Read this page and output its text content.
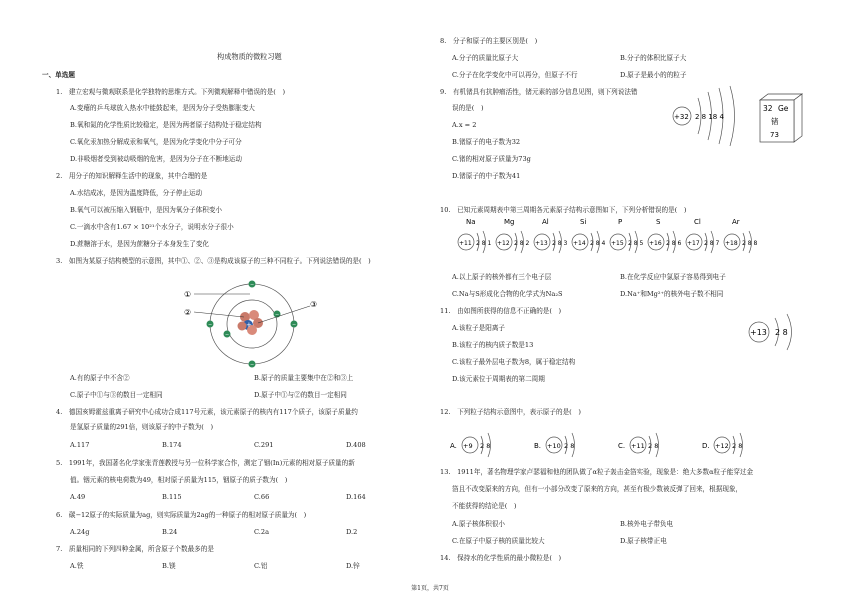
构成物质的微粒习题
一、单选题
1.　建立宏观与微观联系是化学独特的思维方式。下列微观解释中错误的是(　)
A.变瘪的乒乓球放入热水中能鼓起来，是因为分子受热膨胀变大
B.氧和氮的化学性质比较稳定，是因为两者原子结构处于稳定结构
C.氧化汞加热分解成汞和氧气，是因为化学变化中分子可分
D.非吸烟者受到被动吸烟的危害，是因为分子在不断地运动
2.　用分子的知识解释生活中的现象，其中合理的是
A.水结成冰，是因为温度降低，分子停止运动
B.氧气可以被压缩入钢瓶中，是因为氧分子体积变小
C.一滴水中含有1.67 × 10²¹个水分子，说明水分子很小
D.蔗糖溶于水，是因为蔗糖分子本身发生了变化
3.　如图为某原子结构模型的示意图，其中①、②、③是构成该原子的三种不同粒子。下列说法错误的是(　)
+
−
−
−	−
−
−
①
②
③
A.有的原子中不含②	B.原子的质量主要集中在②和③上
C.原子中①与③的数目一定相同	D.原子中①与②的数目一定相同
4.　德国亥姆霍兹重离子研究中心成功合成117号元素，该元素原子的核内有117个质子，该原子质量约
是氢原子质量的291倍，则该原子的中子数为(　)
A.117	B.174	C.291	D.408
5.　1991年，我国著名化学家张青莲教授与另一位科学家合作，测定了铟(In)元素的相对原子质量的新
值。铟元素的核电荷数为49，相对原子质量为115，铟原子的质子数为(　)
A.49	B.115	C.66	D.164
6.　碳−12原子的实际质量为ag，则实际质量为2ag的一种原子的相对原子质量为(　)
A.24g	B.24	C.2a	D.2
7.　质量相同的下列四种金属，所含原子个数最多的是
A.铁	B.镁	C.铝	D.锌
8.　分子和原子的主要区别是(　)
A.分子的质量比原子大	B.分子的体积比原子大
C.分子在化学变化中可以再分，但原子不行	D.原子是最小的的粒子
9.　有机锗具有抗肿瘤活性，锗元素的部分信息见图，则下列说法错
误的是(　)
A.x = 2
B.锗原子的电子数为32
C.锗的相对原子质量为73g
D.锗原子的中子数为41
+32 2 8 18 4
32 Ge
锗
73
10.　已知元素周期表中第三周期各元素原子结构示意图如下，下列分析错误的是(　)
Na
+11 2 8 1
Mg
+12 2 8 2
Al
+13 2 8 3
Si
+14 2 8 4
P
+15 2 8 5
S
+16 2 8 6
Cl
+17 2 8 7
Ar
+18 2 8 8
A.以上原子的核外都有三个电子层	B.在化学反应中氯原子容易得到电子
C.Na与S形成化合物的化学式为Na₂S	D.Na⁺和Mg²⁺的核外电子数不相同
11.　由如图所获得的信息不正确的是(　)
A.该粒子是阳离子
B.该粒子的核内质子数是13
C.该粒子最外层电子数为8，属于稳定结构
D.该元素位于周期表的第二周期
+13 2 8
12.　下列粒子结构示意图中，表示原子的是(　)
A. +9 2 8	B. +10 2 8	C. +11 2 8	D. +12 2 8
13.　1911年，著名物理学家卢瑟福和他的团队做了α粒子轰击金箔实验，现象是：绝大多数α粒子能穿过金
箔且不改变原来的方向，但有一小部分改变了原来的方向，甚至有极少数被反弹了回来，根据现象，
不能获得的结论是(　)
A.原子核体积很小	B.核外电子带负电
C.在原子中原子核的质量比较大	D.原子核带正电
14.　保持水的化学性质的最小微粒是(　)
第1页，共7页
